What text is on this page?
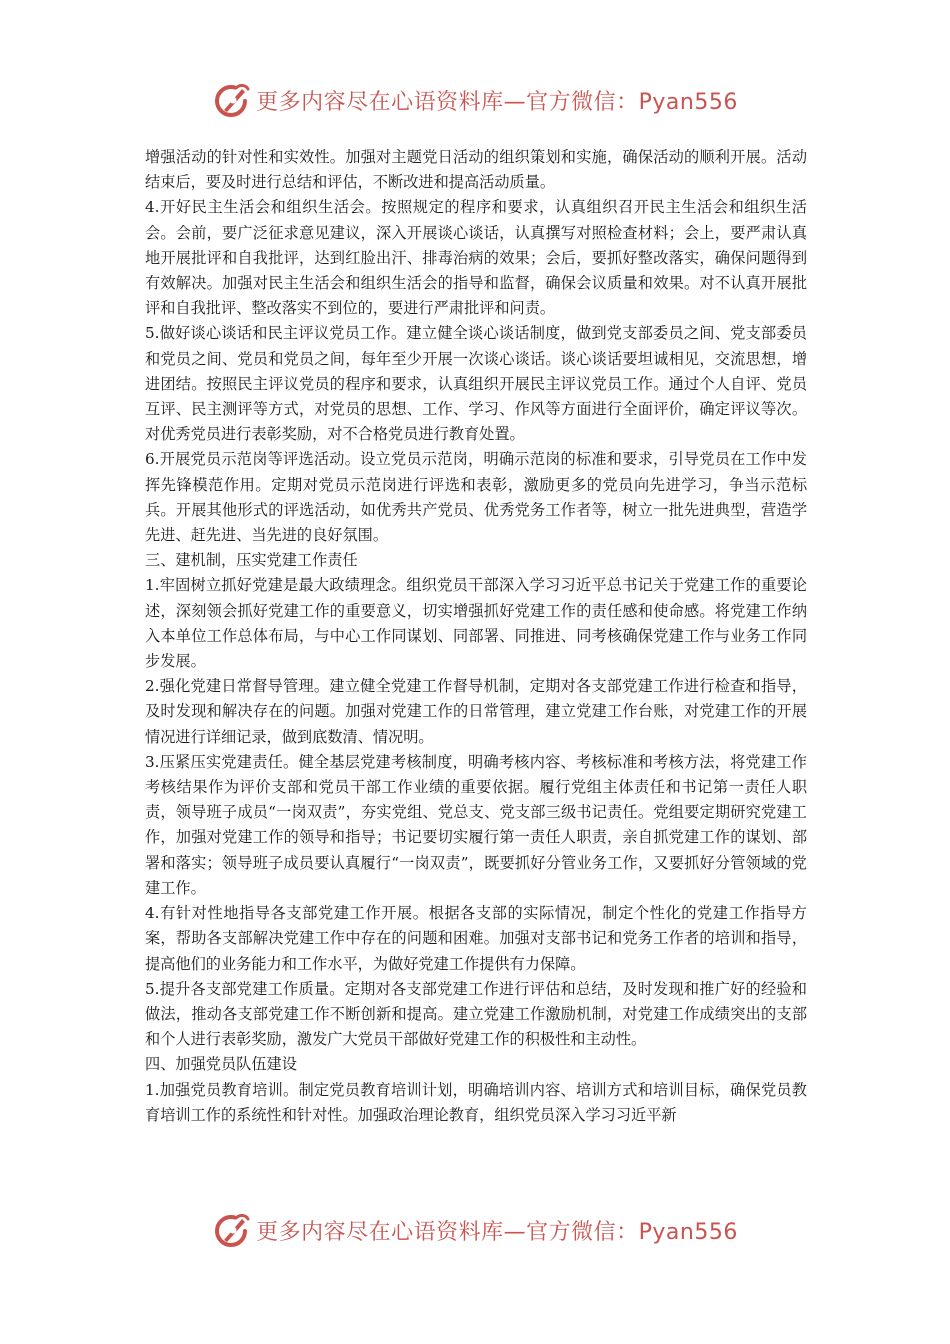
更多内容尽在心语资料库—官方微信：Pyan556

增强活动的针对性和实效性。加强对主题党日活动的组织策划和实施，确保活动的顺利开展。活动结束后，要及时进行总结和评估，不断改进和提高活动质量。

4.开好民主生活会和组织生活会。按照规定的程序和要求，认真组织召开民主生活会和组织生活会。会前，要广泛征求意见建议，深入开展谈心谈话，认真撰写对照检查材料；会上，要严肃认真地开展批评和自我批评，达到红脸出汗、排毒治病的效果；会后，要抓好整改落实，确保问题得到有效解决。加强对民主生活会和组织生活会的指导和监督，确保会议质量和效果。对不认真开展批评和自我批评、整改落实不到位的，要进行严肃批评和问责。

5.做好谈心谈话和民主评议党员工作。建立健全谈心谈话制度，做到党支部委员之间、党支部委员和党员之间、党员和党员之间，每年至少开展一次谈心谈话。谈心谈话要坦诚相见，交流思想，增进团结。按照民主评议党员的程序和要求，认真组织开展民主评议党员工作。通过个人自评、党员互评、民主测评等方式，对党员的思想、工作、学习、作风等方面进行全面评价，确定评议等次。对优秀党员进行表彰奖励，对不合格党员进行教育处置。

6.开展党员示范岗等评选活动。设立党员示范岗，明确示范岗的标准和要求，引导党员在工作中发挥先锋模范作用。定期对党员示范岗进行评选和表彰，激励更多的党员向先进学习，争当示范标兵。开展其他形式的评选活动，如优秀共产党员、优秀党务工作者等，树立一批先进典型，营造学先进、赶先进、当先进的良好氛围。

三、建机制，压实党建工作责任

1.牢固树立抓好党建是最大政绩理念。组织党员干部深入学习习近平总书记关于党建工作的重要论述，深刻领会抓好党建工作的重要意义，切实增强抓好党建工作的责任感和使命感。将党建工作纳入本单位工作总体布局，与中心工作同谋划、同部署、同推进、同考核确保党建工作与业务工作同步发展。

2.强化党建日常督导管理。建立健全党建工作督导机制，定期对各支部党建工作进行检查和指导，及时发现和解决存在的问题。加强对党建工作的日常管理，建立党建工作台账，对党建工作的开展情况进行详细记录，做到底数清、情况明。

3.压紧压实党建责任。健全基层党建考核制度，明确考核内容、考核标准和考核方法，将党建工作考核结果作为评价支部和党员干部工作业绩的重要依据。履行党组主体责任和书记第一责任人职责，领导班子成员“一岗双责”，夯实党组、党总支、党支部三级书记责任。党组要定期研究党建工作，加强对党建工作的领导和指导；书记要切实履行第一责任人职责，亲自抓党建工作的谋划、部署和落实；领导班子成员要认真履行“一岗双责”，既要抓好分管业务工作，又要抓好分管领域的党建工作。

4.有针对性地指导各支部党建工作开展。根据各支部的实际情况，制定个性化的党建工作指导方案，帮助各支部解决党建工作中存在的问题和困难。加强对支部书记和党务工作者的培训和指导，提高他们的业务能力和工作水平，为做好党建工作提供有力保障。

5.提升各支部党建工作质量。定期对各支部党建工作进行评估和总结，及时发现和推广好的经验和做法，推动各支部党建工作不断创新和提高。建立党建工作激励机制，对党建工作成绩突出的支部和个人进行表彰奖励，激发广大党员干部做好党建工作的积极性和主动性。

四、加强党员队伍建设

1.加强党员教育培训。制定党员教育培训计划，明确培训内容、培训方式和培训目标，确保党员教育培训工作的系统性和针对性。加强政治理论教育，组织党员深入学习习近平新

更多内容尽在心语资料库—官方微信：Pyan556
